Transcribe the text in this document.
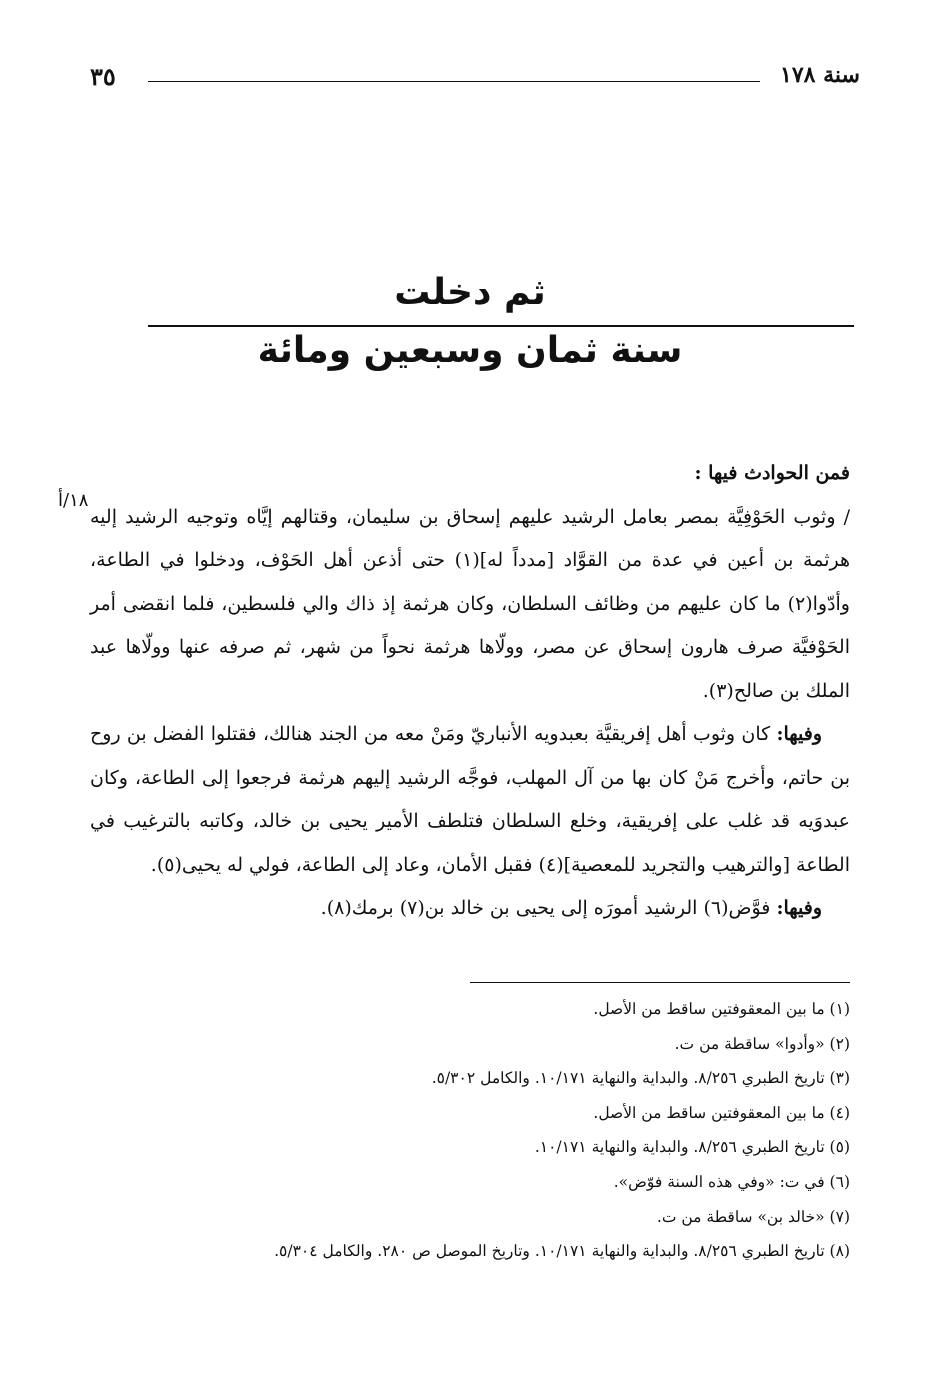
سنة ١٧٨
٣٥
ثم دخلت
سنة ثمان وسبعين ومائة
١٨/أ

فمن الحوادث فيها :

/ وثوب الحَوْفِيَّة بمصر بعامل الرشيد عليهم إسحاق بن سليمان، وقتالهم إيَّاه وتوجيه الرشيد إليه هرثمة بن أعين في عدة من القوَّاد [مدداً له](١) حتى أذعن أهل الحَوْف، ودخلوا في الطاعة، وأدّوا(٢) ما كان عليهم من وظائف السلطان، وكان هرثمة إذ ذاك والي فلسطين، فلما انقضى أمر الحَوْفيَّة صرف هارون إسحاق عن مصر، وولّاها هرثمة نحواً من شهر، ثم صرفه عنها وولّاها عبد الملك بن صالح(٣).

وفيها: كان وثوب أهل إفريقيَّة بعبدويه الأنباريّ ومَنْ معه من الجند هنالك، فقتلوا الفضل بن روح بن حاتم، وأخرج مَنْ كان بها من آل المهلب، فوجَّه الرشيد إليهم هرثمة فرجعوا إلى الطاعة، وكان عبدوَيه قد غلب على إفريقية، وخلع السلطان فتلطف الأمير يحيى بن خالد، وكاتبه بالترغيب في الطاعة [والترهيب والتجريد للمعصية](٤) فقبل الأمان، وعاد إلى الطاعة، فولي له يحيى(٥).

وفيها: فوَّض(٦) الرشيد أمورَه إلى يحيى بن خالد بن(٧) برمك(٨).

(١) ما بين المعقوفتين ساقط من الأصل.
(٢) «وأدوا» ساقطة من ت.
(٣) تاريخ الطبري ٨/٢٥٦. والبداية والنهاية ١٠/١٧١. والكامل ٥/٣٠٢.
(٤) ما بين المعقوفتين ساقط من الأصل.
(٥) تاريخ الطبري ٨/٢٥٦. والبداية والنهاية ١٠/١٧١.
(٦) في ت: «وفي هذه السنة فوّض».
(٧) «خالد بن» ساقطة من ت.
(٨) تاريخ الطبري ٨/٢٥٦. والبداية والنهاية ١٠/١٧١. وتاريخ الموصل ص ٢٨٠. والكامل ٥/٣٠٤.
